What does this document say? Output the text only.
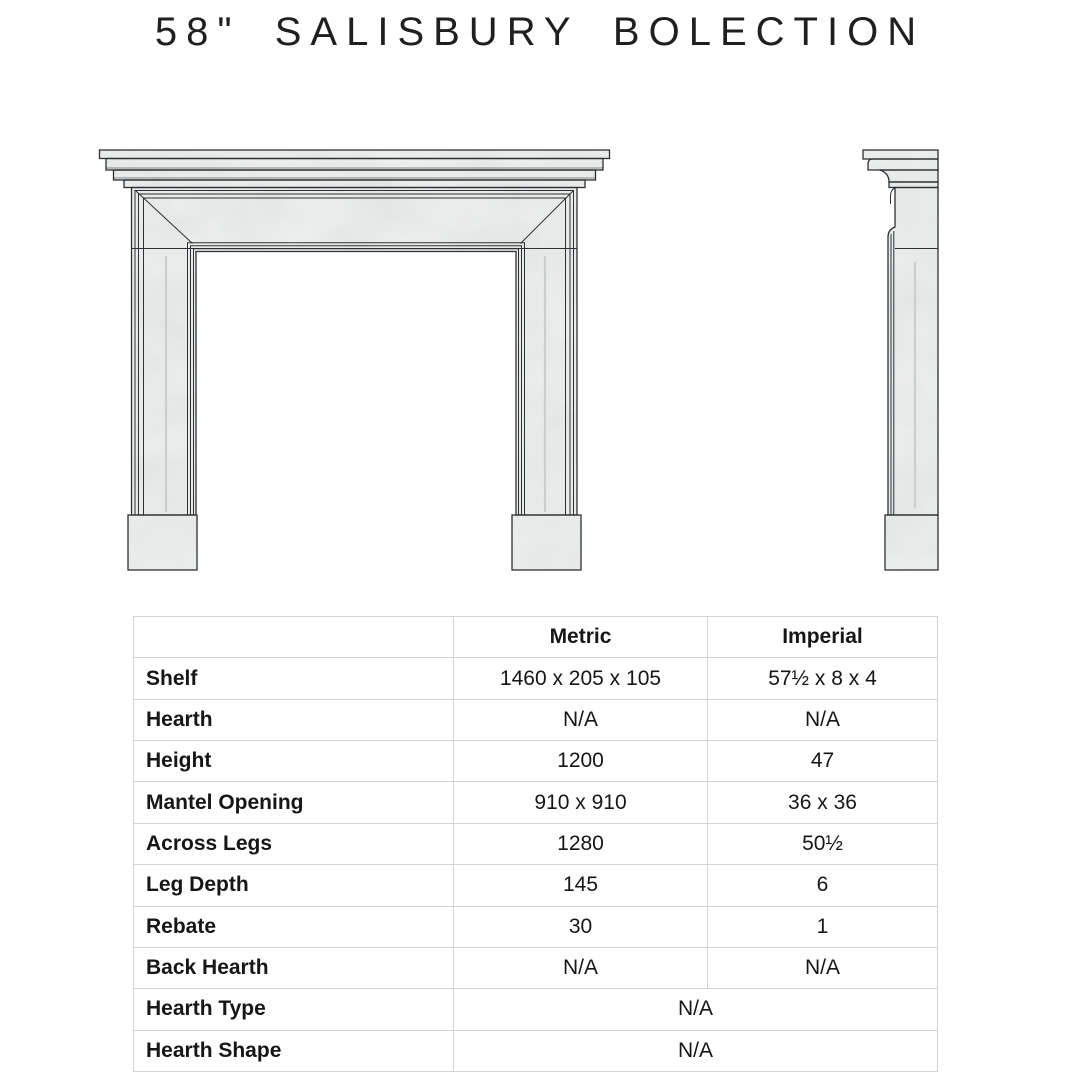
58" SALISBURY BOLECTION
	Metric	Imperial
Shelf	1460 x 205 x 105	57½ x 8 x 4
Hearth	N/A	N/A
Height	1200	47
Mantel Opening	910 x 910	36 x 36
Across Legs	1280	50½
Leg Depth	145	6
Rebate	30	1
Back Hearth	N/A	N/A
Hearth Type	N/A	
Hearth Shape	N/A	
